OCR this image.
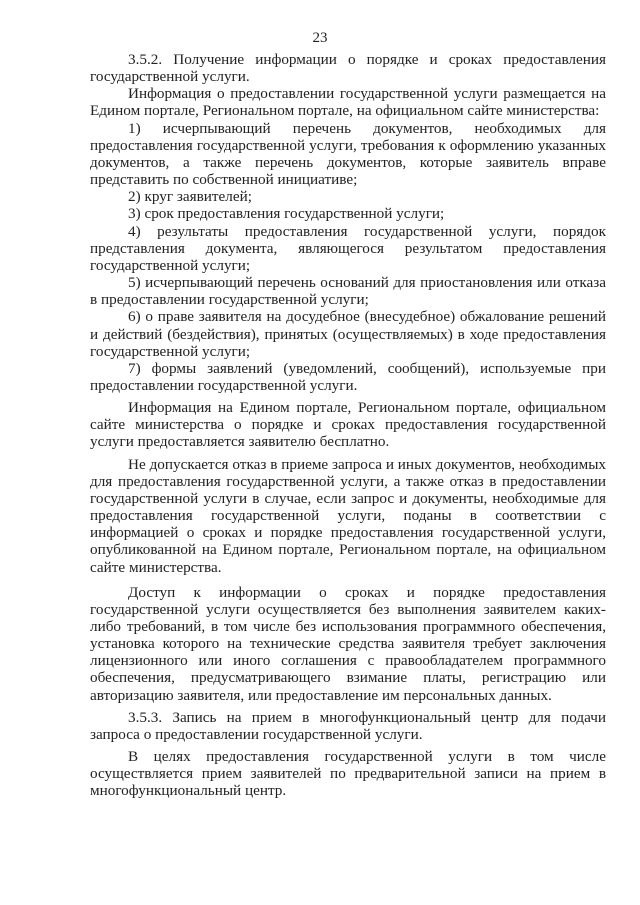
23

3.5.2. Получение информации о порядке и сроках предоставления государственной услуги.

Информация о предоставлении государственной услуги размещается на Едином портале, Региональном портале, на официальном сайте министерства:

1) исчерпывающий перечень документов, необходимых для предоставления государственной услуги, требования к оформлению указанных документов, а также перечень документов, которые заявитель вправе представить по собственной инициативе;

2) круг заявителей;

3) срок предоставления государственной услуги;

4) результаты предоставления государственной услуги, порядок представления документа, являющегося результатом предоставления государственной услуги;

5) исчерпывающий перечень оснований для приостановления или отказа в предоставлении государственной услуги;

6) о праве заявителя на досудебное (внесудебное) обжалование решений и действий (бездействия), принятых (осуществляемых) в ходе предоставления государственной услуги;

7) формы заявлений (уведомлений, сообщений), используемые при предоставлении государственной услуги.

Информация на Едином портале, Региональном портале, официальном сайте министерства о порядке и сроках предоставления государственной услуги предоставляется заявителю бесплатно.

Не допускается отказ в приеме запроса и иных документов, необходимых для предоставления государственной услуги, а также отказ в предоставлении государственной услуги в случае, если запрос и документы, необходимые для предоставления государственной услуги, поданы в соответствии с информацией о сроках и порядке предоставления государственной услуги, опубликованной на Едином портале, Региональном портале, на официальном сайте министерства.

Доступ к информации о сроках и порядке предоставления государственной услуги осуществляется без выполнения заявителем каких-либо требований, в том числе без использования программного обеспечения, установка которого на технические средства заявителя требует заключения лицензионного или иного соглашения с правообладателем программного обеспечения, предусматривающего взимание платы, регистрацию или авторизацию заявителя, или предоставление им персональных данных.

3.5.3. Запись на прием в многофункциональный центр для подачи запроса о предоставлении государственной услуги.

В целях предоставления государственной услуги в том числе осуществляется прием заявителей по предварительной записи на прием в многофункциональный центр.
